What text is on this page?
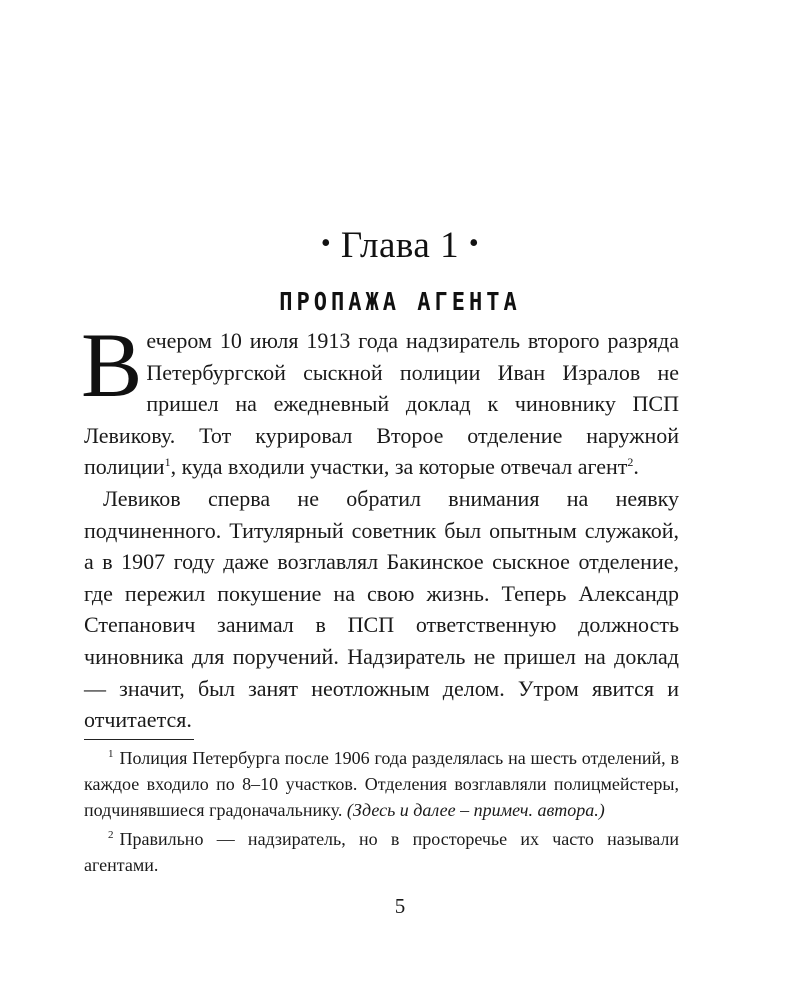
• Глава 1 •
ПРОПАЖА АГЕНТА

Вечером 10 июля 1913 года надзиратель второго разряда Петербургской сыскной полиции Иван Изралов не пришел на ежедневный доклад к чиновнику ПСП Левикову. Тот курировал Второе отделение наружной полиции$^1$, куда входили участки, за которые отвечал агент$^2$.

Левиков сперва не обратил внимания на неявку подчиненного. Титулярный советник был опытным служакой, а в 1907 году даже возглавлял Бакинское сыскное отделение, где пережил покушение на свою жизнь. Теперь Александр Степанович занимал в ПСП ответственную должность чиновника для поручений. Надзиратель не пришел на доклад — значит, был занят неотложным делом. Утром явится и отчитается.

$^1$ Полиция Петербурга после 1906 года разделялась на шесть отделений, в каждое входило по 8–10 участков. Отделения возглавляли полицмейстеры, подчинявшиеся градоначальнику. (Здесь и далее – примеч. автора.)

$^2$ Правильно — надзиратель, но в просторечье их часто называли агентами.

5
